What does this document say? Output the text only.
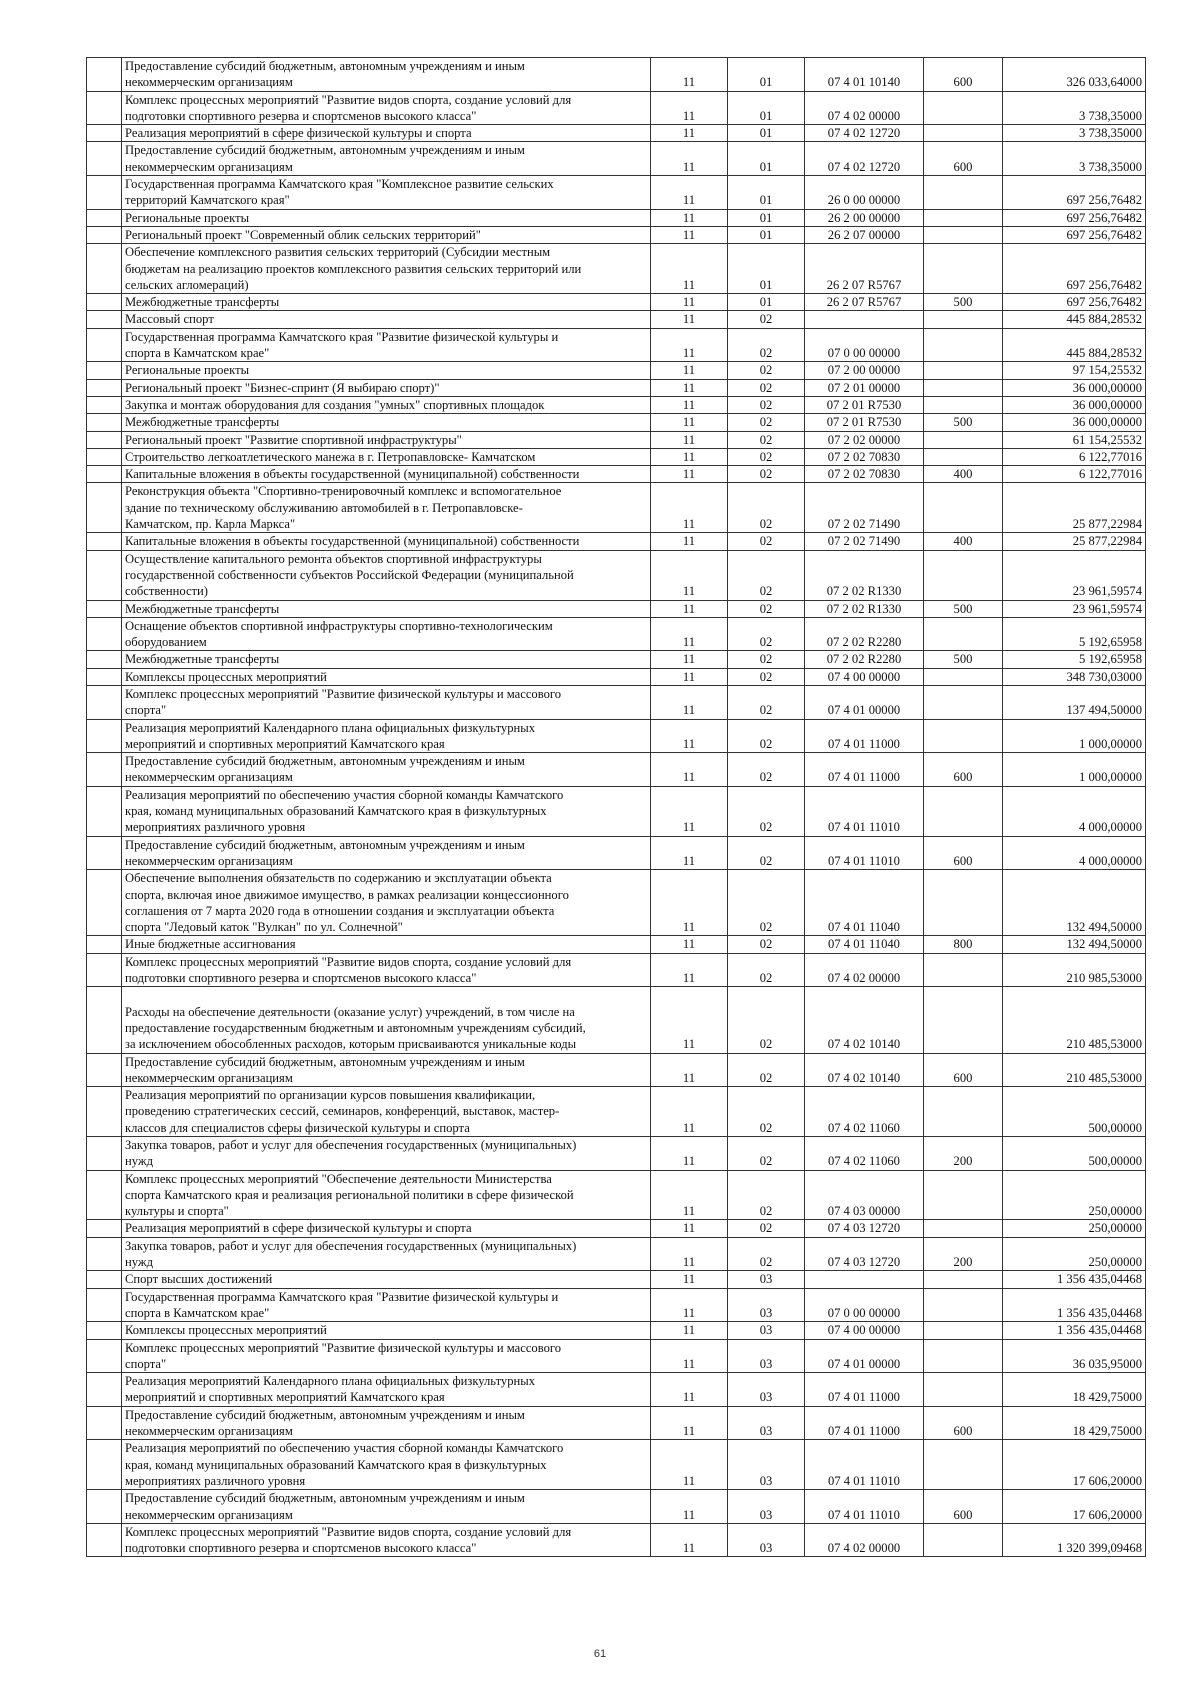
	Предоставление субсидий бюджетным, автономным учреждениям и иным
некоммерческим организациям	11	01	07 4 01 10140	600	326 033,64000
	Комплекс процессных мероприятий "Развитие видов спорта, создание условий для
подготовки спортивного резерва и спортсменов высокого класса"	11	01	07 4 02 00000		3 738,35000
	Реализация мероприятий в сфере физической культуры и спорта	11	01	07 4 02 12720		3 738,35000
	Предоставление субсидий бюджетным, автономным учреждениям и иным
некоммерческим организациям	11	01	07 4 02 12720	600	3 738,35000
	Государственная программа Камчатского края "Комплексное развитие сельских
территорий Камчатского края"	11	01	26 0 00 00000		697 256,76482
	Региональные проекты	11	01	26 2 00 00000		697 256,76482
	Региональный проект "Современный облик сельских территорий"	11	01	26 2 07 00000		697 256,76482
	Обеспечение комплексного развития сельских территорий (Субсидии местным
бюджетам на реализацию проектов комплексного развития сельских территорий или
сельских агломераций)	11	01	26 2 07 R5767		697 256,76482
	Межбюджетные трансферты	11	01	26 2 07 R5767	500	697 256,76482
	Массовый спорт	11	02			445 884,28532
	Государственная программа Камчатского края "Развитие физической культуры и
спорта в Камчатском крае"	11	02	07 0 00 00000		445 884,28532
	Региональные проекты	11	02	07 2 00 00000		97 154,25532
	Региональный проект "Бизнес-спринт (Я выбираю спорт)"	11	02	07 2 01 00000		36 000,00000
	Закупка и монтаж оборудования для создания "умных" спортивных площадок	11	02	07 2 01 R7530		36 000,00000
	Межбюджетные трансферты	11	02	07 2 01 R7530	500	36 000,00000
	Региональный проект "Развитие спортивной инфраструктуры"	11	02	07 2 02 00000		61 154,25532
	Строительство легкоатлетического манежа в г. Петропавловске- Камчатском	11	02	07 2 02 70830		6 122,77016
	Капитальные вложения в объекты государственной (муниципальной) собственности	11	02	07 2 02 70830	400	6 122,77016
	Реконструкция объекта "Спортивно-тренировочный комплекс и вспомогательное
здание по техническому обслуживанию автомобилей в г. Петропавловске-
Камчатском, пр. Карла Маркса"	11	02	07 2 02 71490		25 877,22984
	Капитальные вложения в объекты государственной (муниципальной) собственности	11	02	07 2 02 71490	400	25 877,22984
	Осуществление капитального ремонта объектов спортивной инфраструктуры
государственной собственности субъектов Российской Федерации (муниципальной
собственности)	11	02	07 2 02 R1330		23 961,59574
	Межбюджетные трансферты	11	02	07 2 02 R1330	500	23 961,59574
	Оснащение объектов спортивной инфраструктуры спортивно-технологическим
оборудованием	11	02	07 2 02 R2280		5 192,65958
	Межбюджетные трансферты	11	02	07 2 02 R2280	500	5 192,65958
	Комплексы процессных мероприятий	11	02	07 4 00 00000		348 730,03000
	Комплекс процессных мероприятий "Развитие физической культуры и массового
спорта"	11	02	07 4 01 00000		137 494,50000
	Реализация мероприятий Календарного плана официальных физкультурных
мероприятий и спортивных мероприятий Камчатского края	11	02	07 4 01 11000		1 000,00000
	Предоставление субсидий бюджетным, автономным учреждениям и иным
некоммерческим организациям	11	02	07 4 01 11000	600	1 000,00000
	Реализация мероприятий по обеспечению участия сборной команды Камчатского
края, команд муниципальных образований Камчатского края в физкультурных
мероприятиях различного уровня	11	02	07 4 01 11010		4 000,00000
	Предоставление субсидий бюджетным, автономным учреждениям и иным
некоммерческим организациям	11	02	07 4 01 11010	600	4 000,00000
	Обеспечение выполнения обязательств по содержанию и эксплуатации объекта
спорта, включая иное движимое имущество, в рамках реализации концессионного
соглашения от 7 марта 2020 года в отношении создания и эксплуатации объекта
спорта "Ледовый каток "Вулкан" по ул. Солнечной"	11	02	07 4 01 11040		132 494,50000
	Иные бюджетные ассигнования	11	02	07 4 01 11040	800	132 494,50000
	Комплекс процессных мероприятий "Развитие видов спорта, создание условий для
подготовки спортивного резерва и спортсменов высокого класса"	11	02	07 4 02 00000		210 985,53000

Расходы на обеспечение деятельности (оказание услуг) учреждений, в том числе на
предоставление государственным бюджетным и автономным учреждениям субсидий,
за исключением обособленных расходов, которым присваиваются уникальные коды	11	02	07 4 02 10140		210 485,53000
	Предоставление субсидий бюджетным, автономным учреждениям и иным
некоммерческим организациям	11	02	07 4 02 10140	600	210 485,53000
	Реализация мероприятий по организации курсов повышения квалификации,
проведению стратегических сессий, семинаров, конференций, выставок, мастер-
классов для специалистов сферы физической культуры и спорта	11	02	07 4 02 11060		500,00000
	Закупка товаров, работ и услуг для обеспечения государственных (муниципальных)
нужд	11	02	07 4 02 11060	200	500,00000
	Комплекс процессных мероприятий "Обеспечение деятельности Министерства
спорта Камчатского края и реализация региональной политики в сфере физической
культуры и спорта"	11	02	07 4 03 00000		250,00000
	Реализация мероприятий в сфере физической культуры и спорта	11	02	07 4 03 12720		250,00000
	Закупка товаров, работ и услуг для обеспечения государственных (муниципальных)
нужд	11	02	07 4 03 12720	200	250,00000
	Спорт высших достижений	11	03			1 356 435,04468
	Государственная программа Камчатского края "Развитие физической культуры и
спорта в Камчатском крае"	11	03	07 0 00 00000		1 356 435,04468
	Комплексы процессных мероприятий	11	03	07 4 00 00000		1 356 435,04468
	Комплекс процессных мероприятий "Развитие физической культуры и массового
спорта"	11	03	07 4 01 00000		36 035,95000
	Реализация мероприятий Календарного плана официальных физкультурных
мероприятий и спортивных мероприятий Камчатского края	11	03	07 4 01 11000		18 429,75000
	Предоставление субсидий бюджетным, автономным учреждениям и иным
некоммерческим организациям	11	03	07 4 01 11000	600	18 429,75000
	Реализация мероприятий по обеспечению участия сборной команды Камчатского
края, команд муниципальных образований Камчатского края в физкультурных
мероприятиях различного уровня	11	03	07 4 01 11010		17 606,20000
	Предоставление субсидий бюджетным, автономным учреждениям и иным
некоммерческим организациям	11	03	07 4 01 11010	600	17 606,20000
	Комплекс процессных мероприятий "Развитие видов спорта, создание условий для
подготовки спортивного резерва и спортсменов высокого класса"	11	03	07 4 02 00000		1 320 399,09468
61
